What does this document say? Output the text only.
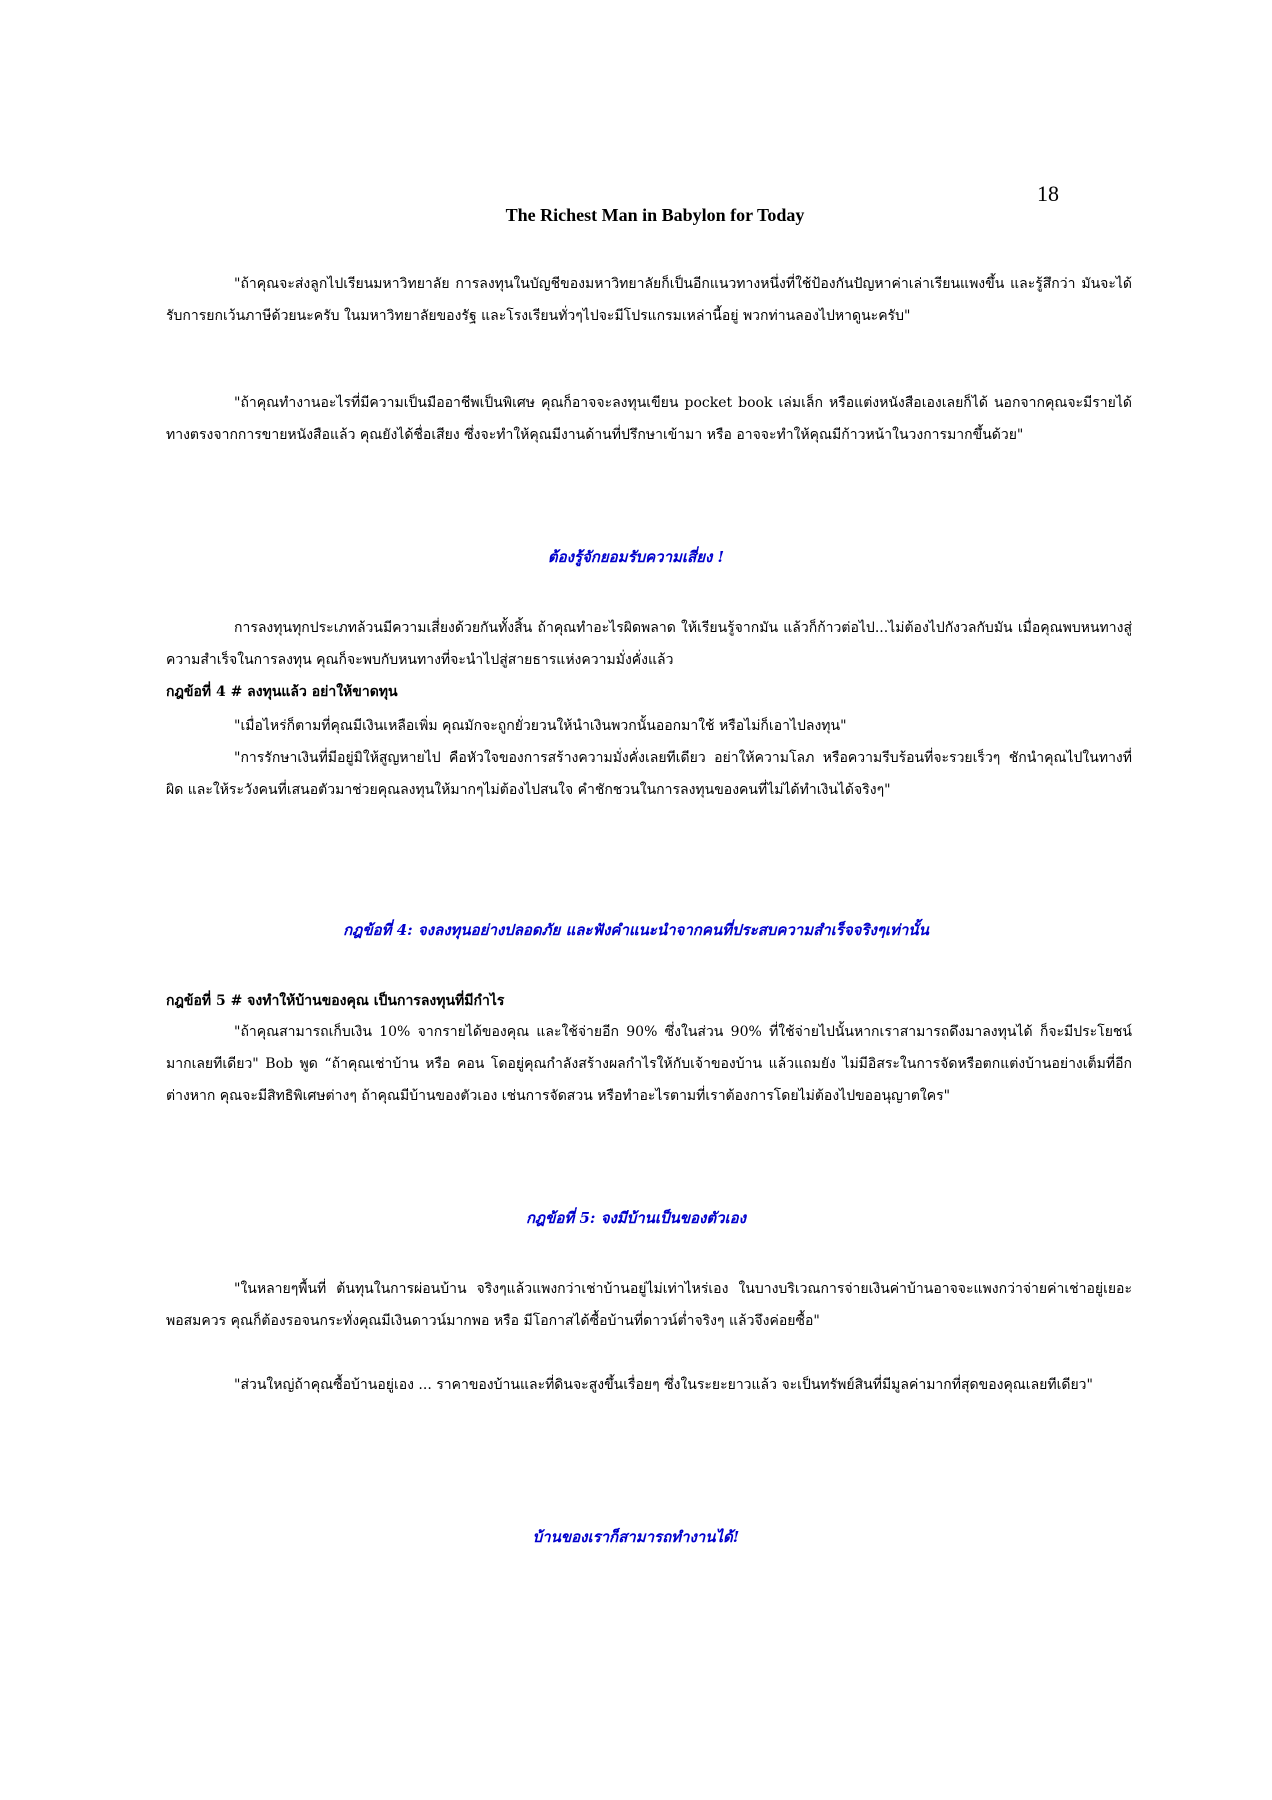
18
The Richest Man in Babylon for Today
"ถ้าคุณจะส่งลูกไปเรียนมหาวิทยาลัย การลงทุนในบัญชีของมหาวิทยาลัยก็เป็นอีกแนวทางหนึ่งที่ใช้ป้องกันปัญหาค่าเล่าเรียนแพงขึ้น และรู้สึกว่า มันจะได้รับการยกเว้นภาษีด้วยนะครับ ในมหาวิทยาลัยของรัฐ และโรงเรียนทั่วๆไปจะมีโปรแกรมเหล่านี้อยู่ พวกท่านลองไปหาดูนะครับ"
"ถ้าคุณทำงานอะไรที่มีความเป็นมืออาชีพเป็นพิเศษ คุณก็อาจจะลงทุนเขียน pocket book เล่มเล็ก หรือแต่งหนังสือเองเลยก็ได้ นอกจากคุณจะมีรายได้ทางตรงจากการขายหนังสือแล้ว คุณยังได้ชื่อเสียง ซึ่งจะทำให้คุณมีงานด้านที่ปรึกษาเข้ามา หรือ อาจจะทำให้คุณมีก้าวหน้าในวงการมากขึ้นด้วย"
ต้องรู้จักยอมรับความเสี่ยง !
การลงทุนทุกประเภทล้วนมีความเสี่ยงด้วยกันทั้งสิ้น ถ้าคุณทำอะไรผิดพลาด ให้เรียนรู้จากมัน แล้วก็ก้าวต่อไป...ไม่ต้องไปกังวลกับมัน เมื่อคุณพบหนทางสู่ความสำเร็จในการลงทุน คุณก็จะพบกับหนทางที่จะนำไปสู่สายธารแห่งความมั่งคั่งแล้ว
กฎข้อที่ 4 # ลงทุนแล้ว อย่าให้ขาดทุน
"เมื่อไหร่ก็ตามที่คุณมีเงินเหลือเพิ่ม คุณมักจะถูกยั่วยวนให้นำเงินพวกนั้นออกมาใช้ หรือไม่ก็เอาไปลงทุน"
"การรักษาเงินที่มีอยู่มิให้สูญหายไป คือหัวใจของการสร้างความมั่งคั่งเลยทีเดียว อย่าให้ความโลภ หรือความรีบร้อนที่จะรวยเร็วๆ ชักนำคุณไปในทางที่ผิด และให้ระวังคนที่เสนอตัวมาช่วยคุณลงทุนให้มากๆไม่ต้องไปสนใจ คำชักชวนในการลงทุนของคนที่ไม่ได้ทำเงินได้จริงๆ"
กฎข้อที่ 4: จงลงทุนอย่างปลอดภัย และฟังคำแนะนำจากคนที่ประสบความสำเร็จจริงๆเท่านั้น
กฎข้อที่ 5 # จงทำให้บ้านของคุณ เป็นการลงทุนที่มีกำไร
"ถ้าคุณสามารถเก็บเงิน 10% จากรายได้ของคุณ และใช้จ่ายอีก 90% ซึ่งในส่วน 90% ที่ใช้จ่ายไปนั้นหากเราสามารถดึงมาลงทุนได้ ก็จะมีประโยชน์มากเลยทีเดียว" Bob พูด “ถ้าคุณเช่าบ้าน หรือ คอน โดอยู่คุณกำลังสร้างผลกำไรให้กับเจ้าของบ้าน แล้วแถมยัง ไม่มีอิสระในการจัดหรือตกแต่งบ้านอย่างเต็มที่อีกต่างหาก คุณจะมีสิทธิพิเศษต่างๆ ถ้าคุณมีบ้านของตัวเอง เช่นการจัดสวน หรือทำอะไรตามที่เราต้องการโดยไม่ต้องไปขออนุญาตใคร"
กฎข้อที่ 5: จงมีบ้านเป็นของตัวเอง
"ในหลายๆพื้นที่ ต้นทุนในการผ่อนบ้าน จริงๆแล้วแพงกว่าเช่าบ้านอยู่ไม่เท่าไหร่เอง ในบางบริเวณการจ่ายเงินค่าบ้านอาจจะแพงกว่าจ่ายค่าเช่าอยู่เยอะพอสมควร คุณก็ต้องรอจนกระทั่งคุณมีเงินดาวน์มากพอ หรือ มีโอกาสได้ซื้อบ้านที่ดาวน์ต่ำจริงๆ แล้วจึงค่อยซื้อ"
"ส่วนใหญ่ถ้าคุณซื้อบ้านอยู่เอง ... ราคาของบ้านและที่ดินจะสูงขึ้นเรื่อยๆ ซึ่งในระยะยาวแล้ว จะเป็นทรัพย์สินที่มีมูลค่ามากที่สุดของคุณเลยทีเดียว"
บ้านของเราก็สามารถทำงานได้!
